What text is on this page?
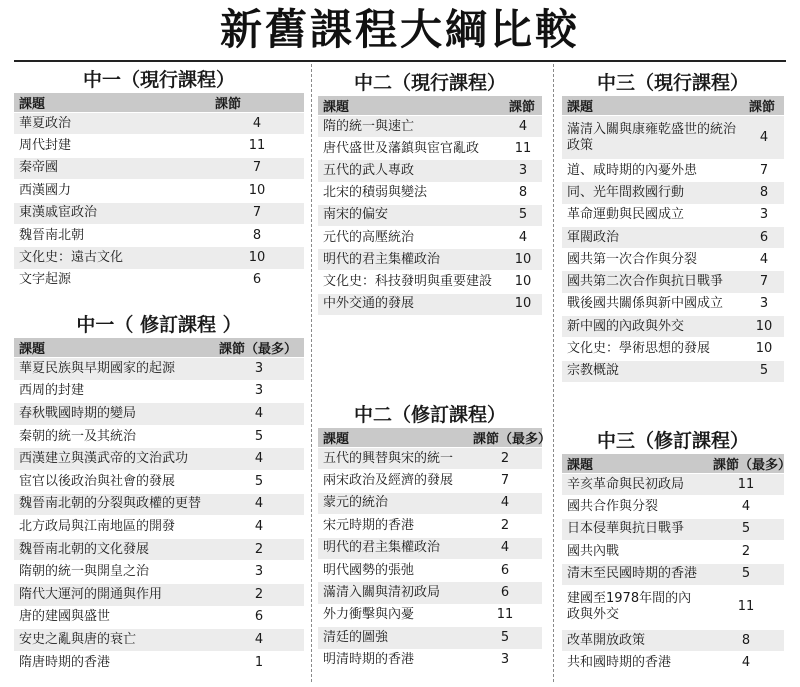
新舊課程大綱比較
中一（現行課程）
課題	課節
華夏政治	4
周代封建	11
秦帝國	7
西漢國力	10
東漢戚宦政治	7
魏晉南北朝	8
文化史：遠古文化	10
文字起源	6
中一（ 修訂課程 ）
課題	課節（最多）
華夏民族與早期國家的起源	3
西周的封建	3
春秋戰國時期的變局	4
秦朝的統一及其統治	5
西漢建立與漢武帝的文治武功	4
宦官以後政治與社會的發展	5
魏晉南北朝的分裂與政權的更替	4
北方政局與江南地區的開發	4
魏晉南北朝的文化發展	2
隋朝的統一與開皇之治	3
隋代大運河的開通與作用	2
唐的建國與盛世	6
安史之亂與唐的衰亡	4
隋唐時期的香港	1
中二（現行課程）
課題	課節
隋的統一與速亡	4
唐代盛世及藩鎮與宦官亂政	11
五代的武人專政	3
北宋的積弱與變法	8
南宋的偏安	5
元代的高壓統治	4
明代的君主集權政治	10
文化史：科技發明與重要建設	10
中外交通的發展	10
中二（修訂課程）
課題	課節（最多）
五代的興替與宋的統一	2
兩宋政治及經濟的發展	7
蒙元的統治	4
宋元時期的香港	2
明代的君主集權政治	4
明代國勢的張弛	6
滿清入關與清初政局	6
外力衝擊與內憂	11
清廷的圖強	5
明清時期的香港	3
中三（現行課程）
課題	課節
滿清入關與康雍乾盛世的統治政策	4
道、咸時期的內憂外患	7
同、光年間救國行動	8
革命運動與民國成立	3
軍閥政治	6
國共第一次合作與分裂	4
國共第二次合作與抗日戰爭	7
戰後國共關係與新中國成立	3
新中國的內政與外交	10
文化史：學術思想的發展	10
宗教概說	5
中三（修訂課程）
課題	課節（最多）
辛亥革命與民初政局	11
國共合作與分裂	4
日本侵華與抗日戰爭	5
國共內戰	2
清末至民國時期的香港	5
建國至1978年間的內政與外交	11
改革開放政策	8
共和國時期的香港	4
